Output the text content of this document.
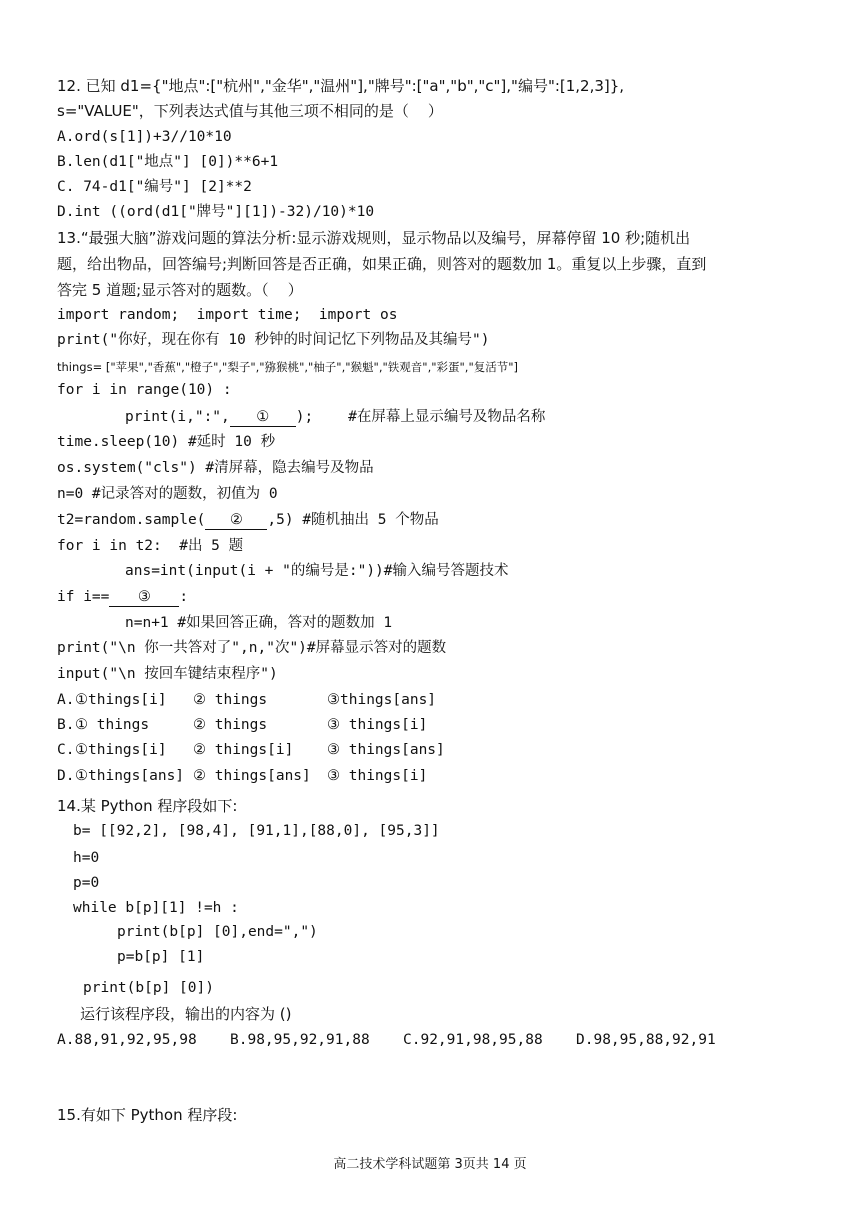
12. 已知 d1={"地点":["杭州","金华","温州"],"牌号":["a","b","c"],"编号":[1,2,3]},
s="VALUE"，下列表达式值与其他三项不相同的是（    ）
A.ord(s[1])+3//10*10
B.len(d1["地点"] [0])**6+1
C. 74-d1["编号"] [2]**2
D.int ((ord(d1["牌号"][1])-32)/10)*10
13.“最强大脑”游戏问题的算法分析:显示游戏规则，显示物品以及编号，屏幕停留 10 秒;随机出
题，给出物品，回答编号;判断回答是否正确，如果正确，则答对的题数加 1。重复以上步骤，直到
答完 5 道题;显示答对的题数。（    ）
import random;  import time;  import os
print("你好，现在你有 10 秒钟的时间记忆下列物品及其编号")
things= ["苹果","香蕉","橙子","梨子","猕猴桃","柚子","猴魁","铁观音","彩蛋","复活节"]
for i in range(10) :
print(i,":", ① );    #在屏幕上显示编号及物品名称
time.sleep(10) #延时 10 秒
os.system("cls") #清屏幕，隐去编号及物品
n=0 #记录答对的题数，初值为 0
t2=random.sample( ② ,5) #随机抽出 5 个物品
for i in t2:  #出 5 题
ans=int(input(i + "的编号是:"))#输入编号答题技术
if i== ③ :
n=n+1 #如果回答正确，答对的题数加 1
print("\n 你一共答对了",n,"次")#屏幕显示答对的题数
input("\n 按回车键结束程序")
A. ①things[i] ② things	③things[ans]
B. ① things	② things	③ things[i]
C. ①things[i] ② things[i] ③ things[ans]
D. ①things[ans] ② things[ans] ③ things[i]
14.某 Python 程序段如下:
b= [[92,2], [98,4], [91,1],[88,0], [95,3]]
h=0
p=0
while b[p][1] !=h :
print(b[p] [0],end=",")
p=b[p] [1]
print(b[p] [0])
运行该程序段，输出的内容为 ()
A.88,91,92,95,98 B.98,95,92,91,88 C.92,91,98,95,88 D.98,95,88,92,91
15.有如下 Python 程序段:
高二技术学科试题第 3页共 14 页
